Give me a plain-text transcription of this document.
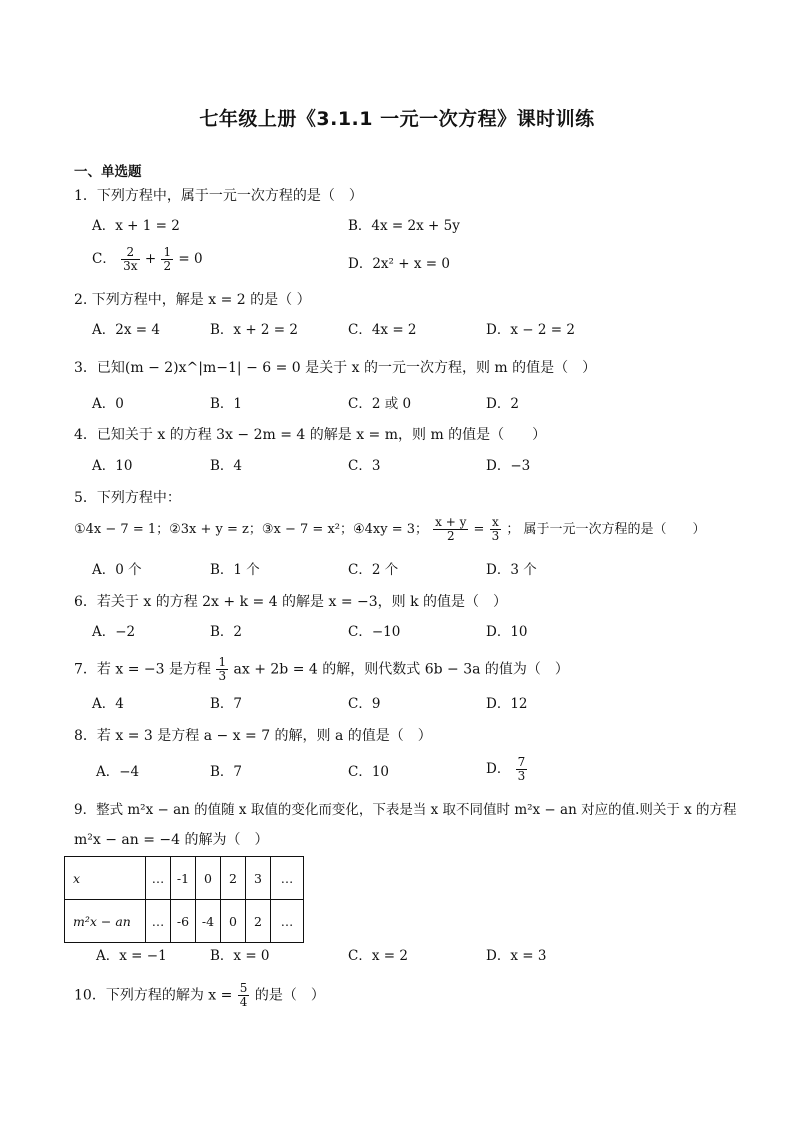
七年级上册《3.1.1 一元一次方程》课时训练
一、单选题
1．下列方程中，属于一元一次方程的是（　）
A．x + 1 = 2	B．4x = 2x + 5y
C． $\frac{2}{3x} + \frac{1}{2} = 0$	D．2x² + x = 0
2. 下列方程中，解是 x = 2 的是（ ）
A．2x = 4	B．x + 2 = 2	C．4x = 2	D．x − 2 = 2
3．已知(m − 2)x^|m−1| − 6 = 0 是关于 x 的一元一次方程，则 m 的值是（　）
A．0	B．1	C．2 或 0	D．2
4．已知关于 x 的方程 3x − 2m = 4 的解是 x = m，则 m 的值是（　　）
A．10	B．4	C．3	D．−3
5．下列方程中：
①4x − 7 = 1；②3x + y = z；③x − 7 = x²；④4xy = 3； $\frac{x + y}{2} = \frac{x}{3}$ ； 属于一元一次方程的是（　　）
A．0 个	B．1 个	C．2 个	D．3 个
6．若关于 x 的方程 2x + k = 4 的解是 x = −3，则 k 的值是（　）
A．−2	B．2	C．−10	D．10
7．若 x = −3 是方程 $\frac{1}{3}$ ax + 2b = 4 的解，则代数式 6b − 3a 的值为（　）
A．4	B．7	C．9	D．12
8．若 x = 3 是方程 a − x = 7 的解，则 a 的值是（　）
A．−4	B．7	C．10	D． $\frac{7}{3}$
9．整式 m²x − an 的值随 x 取值的变化而变化，下表是当 x 取不同值时 m²x − an 对应的值.则关于 x 的方程
m²x − an = −4 的解为（　）
x	…	-1	0	2	3	…
m²x − an	…	-6	-4	0	2	…
A．x = −1	B．x = 0	C．x = 2	D．x = 3
10．下列方程的解为 $x = \frac{5}{4}$ 的是（　）
